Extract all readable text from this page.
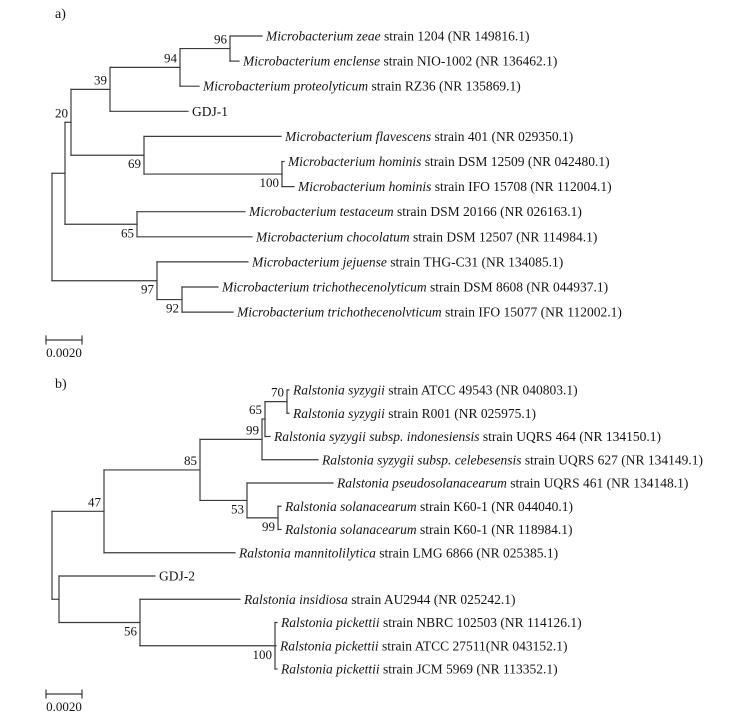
a)
Microbacterium zeae strain 1204 (NR 149816.1)
Microbacterium enclense strain NIO-1002 (NR 136462.1)
96
Microbacterium proteolyticum strain RZ36 (NR 135869.1)
94
GDJ-1
39
Microbacterium flavescens strain 401 (NR 029350.1)
Microbacterium hominis strain DSM 12509 (NR 042480.1)
Microbacterium hominis strain IFO 15708 (NR 112004.1)
100
69
20
Microbacterium testaceum strain DSM 20166 (NR 026163.1)
Microbacterium chocolatum strain DSM 12507 (NR 114984.1)
65
Microbacterium jejuense strain THG-C31 (NR 134085.1)
Microbacterium trichothecenolyticum strain DSM 8608 (NR 044937.1)
Microbacterium trichothecenolvticum strain IFO 15077 (NR 112002.1)
92
97
0.0020
b)	Ralstonia syzygii strain ATCC 49543 (NR 040803.1)
Ralstonia syzygii strain R001 (NR 025975.1)
70
Ralstonia syzygii subsp. indonesiensis strain UQRS 464 (NR 134150.1)
65
Ralstonia syzygii subsp. celebesensis strain UQRS 627 (NR 134149.1)
99
Ralstonia pseudosolanacearum strain UQRS 461 (NR 134148.1)
Ralstonia solanacearum strain K60-1 (NR 044040.1)
Ralstonia solanacearum strain K60-1 (NR 118984.1)
99
53
85
Ralstonia mannitolilytica strain LMG 6866 (NR 025385.1)
47
GDJ-2
Ralstonia insidiosa strain AU2944 (NR 025242.1)
Ralstonia pickettii strain NBRC 102503 (NR 114126.1)
Ralstonia pickettii strain ATCC 27511(NR 043152.1)
Ralstonia pickettii strain JCM 5969 (NR 113352.1)
100
56
0.0020
